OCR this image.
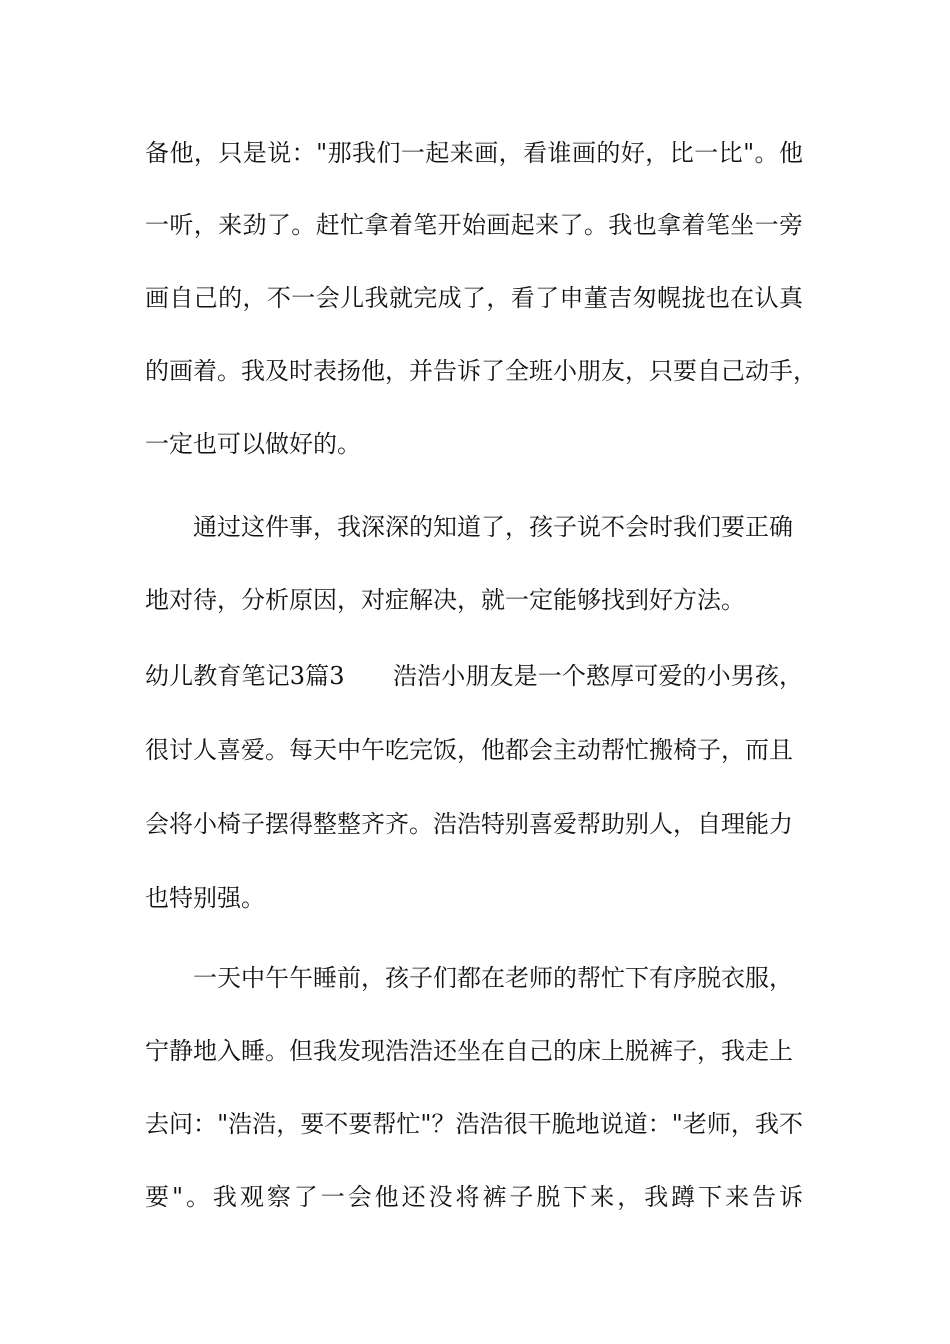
备他，只是说："那我们一起来画，看谁画的好，比一比"。他
一听，来劲了。赶忙拿着笔开始画起来了。我也拿着笔坐一旁
画自己的，不一会儿我就完成了，看了申董吉匆幌拢也在认真
的画着。我及时表扬他，并告诉了全班小朋友，只要自己动手，
一定也可以做好的。
通过这件事，我深深的知道了，孩子说不会时我们要正确
地对待，分析原因，对症解决，就一定能够找到好方法。
幼儿教育笔记3篇3　　浩浩小朋友是一个憨厚可爱的小男孩，
很讨人喜爱。每天中午吃完饭，他都会主动帮忙搬椅子，而且
会将小椅子摆得整整齐齐。浩浩特别喜爱帮助别人，自理能力
也特别强。
一天中午午睡前，孩子们都在老师的帮忙下有序脱衣服，
宁静地入睡。但我发现浩浩还坐在自己的床上脱裤子，我走上
去问："浩浩，要不要帮忙"？浩浩很干脆地说道："老师，我不
要"。我观察了一会他还没将裤子脱下来，我蹲下来告诉
